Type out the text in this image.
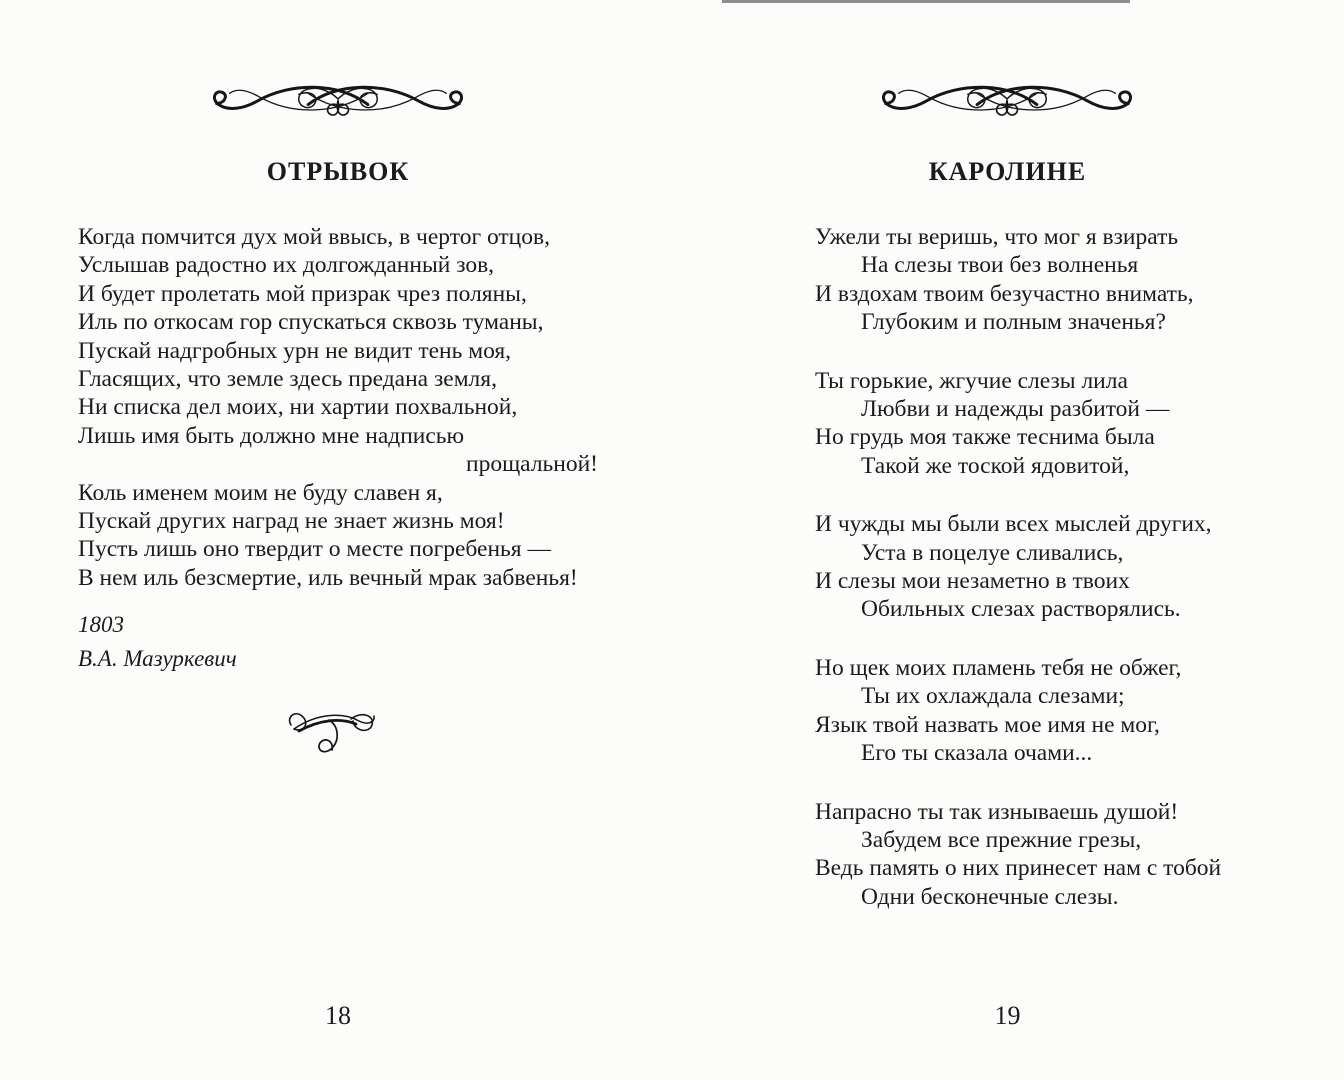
ОТРЫВОК
Когда помчится дух мой ввысь, в чертог отцов,
Услышав радостно их долгожданный зов,
И будет пролетать мой призрак чрез поляны,
Иль по откосам гор спускаться сквозь туманы,
Пускай надгробных урн не видит тень моя,
Гласящих, что земле здесь предана земля,
Ни списка дел моих, ни хартии похвальной,
Лишь имя быть должно мне надписью
прощальной!
Коль именем моим не буду славен я,
Пускай других наград не знает жизнь моя!
Пусть лишь оно твердит о месте погребенья —
В нем иль безсмертие, иль вечный мрак забвенья!
1803
В.А. Мазуркевич
18
КАРОЛИНЕ
Ужели ты веришь, что мог я взирать
На слезы твои без волненья
И вздохам твоим безучастно внимать,
Глубоким и полным значенья?
Ты горькие, жгучие слезы лила
Любви и надежды разбитой —
Но грудь моя также теснима была
Такой же тоской ядовитой,
И чужды мы были всех мыслей других,
Уста в поцелуе сливались,
И слезы мои незаметно в твоих
Обильных слезах растворялись.
Но щек моих пламень тебя не обжег,
Ты их охлаждала слезами;
Язык твой назвать мое имя не мог,
Его ты сказала очами...
Напрасно ты так изнываешь душой!
Забудем все прежние грезы,
Ведь память о них принесет нам с тобой
Одни бесконечные слезы.
19
